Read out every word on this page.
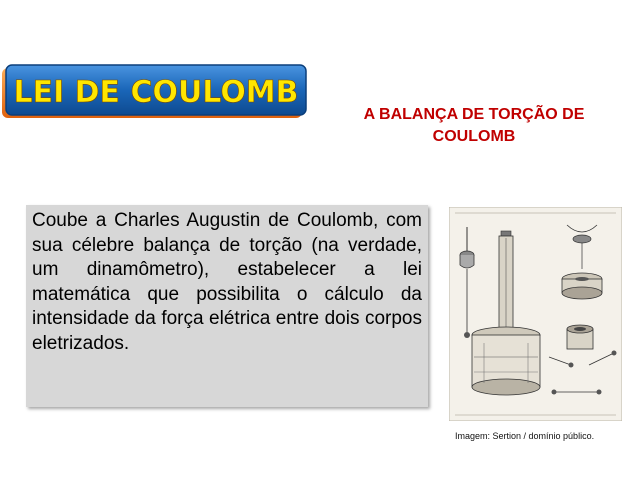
LEI DE COULOMB
A BALANÇA DE TORÇÃO DE
COULOMB

Coube a Charles Augustin de Coulomb, com sua célebre balança de torção (na verdade, um dinamômetro), estabelecer a lei matemática que possibilita o cálculo da intensidade da força elétrica entre dois corpos eletrizados.

Imagem: Sertion / domínio público.
